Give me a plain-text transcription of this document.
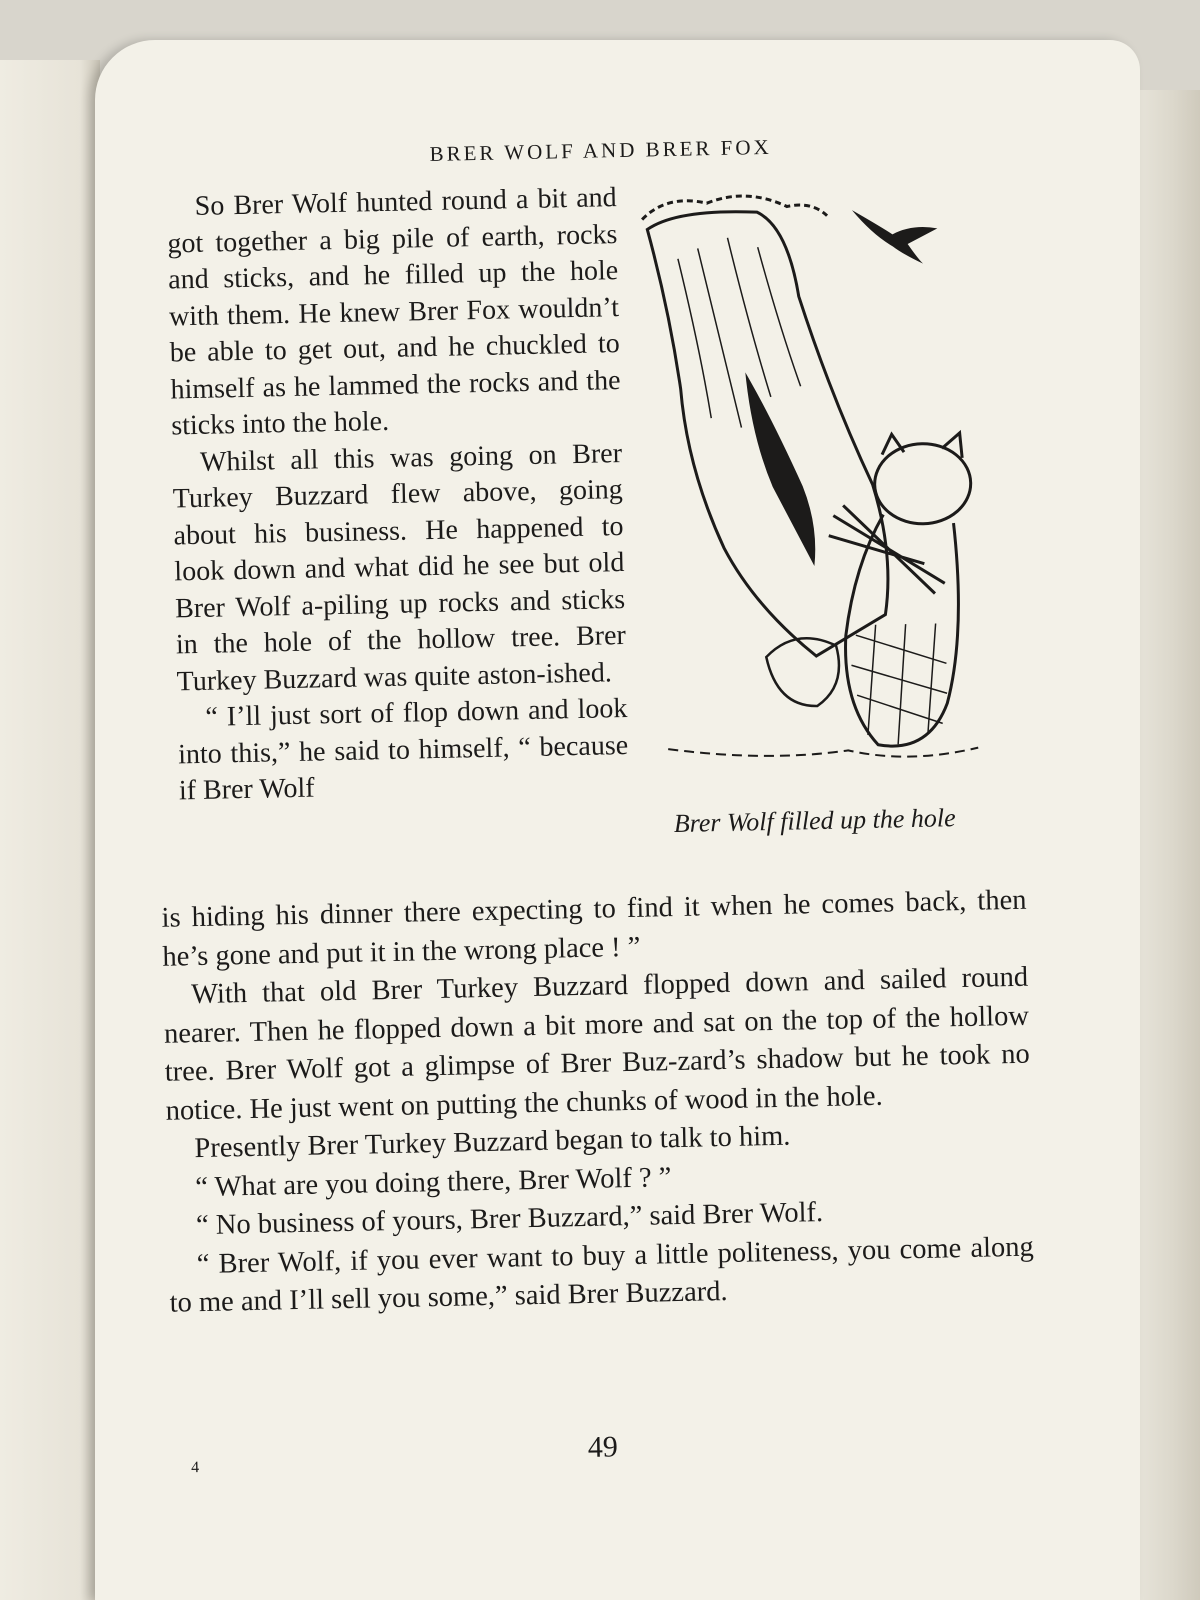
BRER WOLF AND BRER FOX

So Brer Wolf hunted round a bit and got together a big pile of earth, rocks and sticks, and he filled up the hole with them. He knew Brer Fox wouldn’t be able to get out, and he chuckled to himself as he lammed the rocks and the sticks into the hole.

Whilst all this was going on Brer Turkey Buzzard flew above, going about his business. He happened to look down and what did he see but old Brer Wolf a-piling up rocks and sticks in the hole of the hollow tree. Brer Turkey Buzzard was quite aston-ished.

“ I’ll just sort of flop down and look into this,” he said to himself, “ because if Brer Wolf

Brer Wolf filled up the hole

is hiding his dinner there expecting to find it when he comes back, then he’s gone and put it in the wrong place ! ”

With that old Brer Turkey Buzzard flopped down and sailed round nearer. Then he flopped down a bit more and sat on the top of the hollow tree. Brer Wolf got a glimpse of Brer Buz-zard’s shadow but he took no notice. He just went on putting the chunks of wood in the hole.

Presently Brer Turkey Buzzard began to talk to him.

“ What are you doing there, Brer Wolf ? ”

“ No business of yours, Brer Buzzard,” said Brer Wolf.

“ Brer Wolf, if you ever want to buy a little politeness, you come along to me and I’ll sell you some,” said Brer Buzzard.

4
49
